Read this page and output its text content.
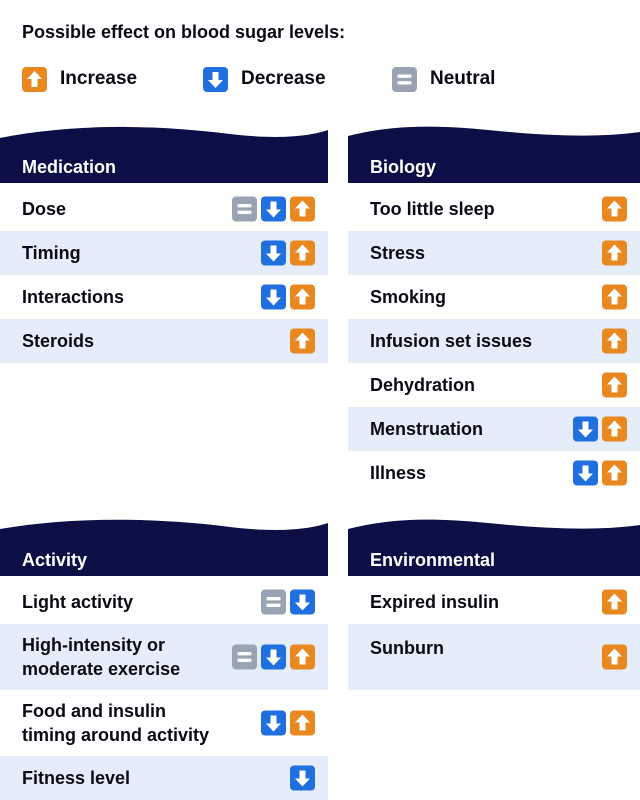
Possible effect on blood sugar levels:
Increase	Decrease	Neutral
Medication
Dose
Timing
Interactions
Steroids
Biology
Too little sleep
Stress
Smoking
Infusion set issues
Dehydration
Menstruation
Illness
Activity
Light activity
High-intensity or moderate exercise
Food and insulin timing around activity
Fitness level
Environmental
Expired insulin
Sunburn
